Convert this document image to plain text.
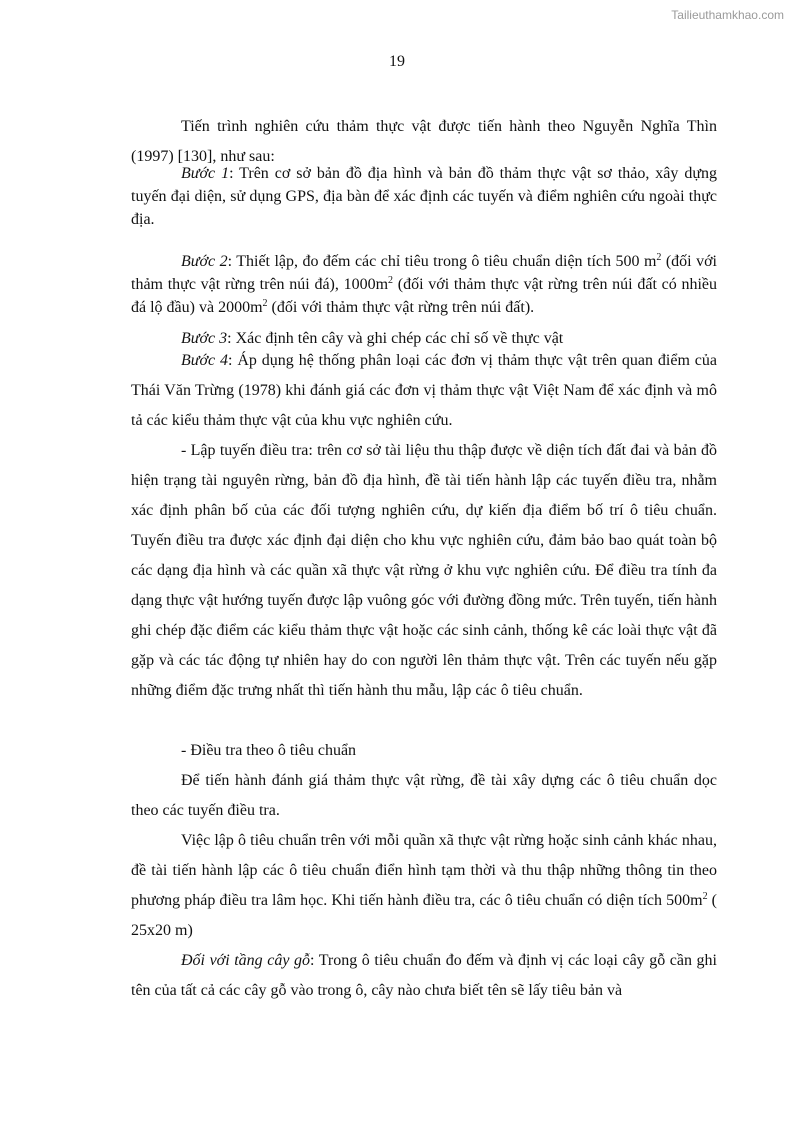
Tailieuthamkhao.com
19

Tiến trình nghiên cứu thảm thực vật được tiến hành theo Nguyễn Nghĩa Thìn (1997) [130], như sau:

Bước 1: Trên cơ sở bản đồ địa hình và bản đồ thảm thực vật sơ thảo, xây dựng tuyến đại diện, sử dụng GPS, địa bàn để xác định các tuyến và điểm nghiên cứu ngoài thực địa.

Bước 2: Thiết lập, đo đếm các chỉ tiêu trong ô tiêu chuẩn diện tích 500 $m^2$ (đối với thảm thực vật rừng trên núi đá), $1000m^2$ (đối với thảm thực vật rừng trên núi đất có nhiều đá lộ đầu) và $2000m^2$ (đối với thảm thực vật rừng trên núi đất).

Bước 3: Xác định tên cây và ghi chép các chỉ số về thực vật

Bước 4: Áp dụng hệ thống phân loại các đơn vị thảm thực vật trên quan điểm của Thái Văn Trừng (1978) khi đánh giá các đơn vị thảm thực vật Việt Nam để xác định và mô tả các kiểu thảm thực vật của khu vực nghiên cứu.

- Lập tuyến điều tra: trên cơ sở tài liệu thu thập được về diện tích đất đai và bản đồ hiện trạng tài nguyên rừng, bản đồ địa hình, đề tài tiến hành lập các tuyến điều tra, nhằm xác định phân bố của các đối tượng nghiên cứu, dự kiến địa điểm bố trí ô tiêu chuẩn. Tuyến điều tra được xác định đại diện cho khu vực nghiên cứu, đảm bảo bao quát toàn bộ các dạng địa hình và các quần xã thực vật rừng ở khu vực nghiên cứu. Để điều tra tính đa dạng thực vật hướng tuyến được lập vuông góc với đường đồng mức. Trên tuyến, tiến hành ghi chép đặc điểm các kiểu thảm thực vật hoặc các sinh cảnh, thống kê các loài thực vật đã gặp và các tác động tự nhiên hay do con người lên thảm thực vật. Trên các tuyến nếu gặp những điểm đặc trưng nhất thì tiến hành thu mẫu, lập các ô tiêu chuẩn.

- Điều tra theo ô tiêu chuẩn

Để tiến hành đánh giá thảm thực vật rừng, đề tài xây dựng các ô tiêu chuẩn dọc theo các tuyến điều tra.

Việc lập ô tiêu chuẩn trên với mỗi quần xã thực vật rừng hoặc sinh cảnh khác nhau, đề tài tiến hành lập các ô tiêu chuẩn điển hình tạm thời và thu thập những thông tin theo phương pháp điều tra lâm học. Khi tiến hành điều tra, các ô tiêu chuẩn có diện tích $500m^2$ ( 25x20 m)

Đối với tầng cây gỗ: Trong ô tiêu chuẩn đo đếm và định vị các loại cây gỗ cần ghi tên của tất cả các cây gỗ vào trong ô, cây nào chưa biết tên sẽ lấy tiêu bản và
